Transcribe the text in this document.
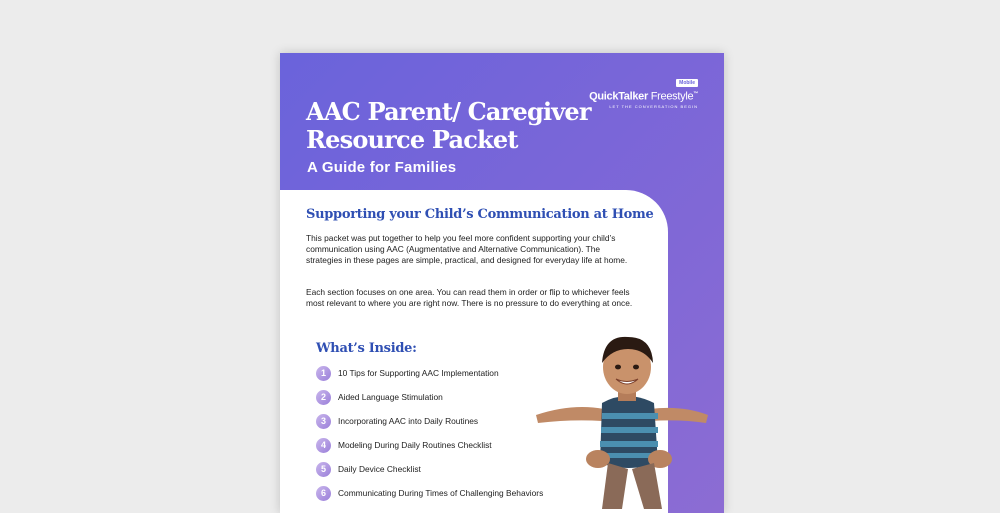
Mobile
QuickTalker Freestyle™
LET THE CONVERSATION BEGIN
AAC Parent/ Caregiver Resource Packet
A Guide for Families
Supporting your Child’s Communication at Home

This packet was put together to help you feel more confident supporting your child’s communication using AAC (Augmentative and Alternative Communication). The strategies in these pages are simple, practical, and designed for everyday life at home.

Each section focuses on one area. You can read them in order or flip to whichever feels most relevant to where you are right now. There is no pressure to do everything at once.

What’s Inside:
1	10 Tips for Supporting AAC Implementation
2	Aided Language Stimulation
3	Incorporating AAC into Daily Routines
4	Modeling During Daily Routines Checklist
5	Daily Device Checklist
6	Communicating During Times of Challenging Behaviors
